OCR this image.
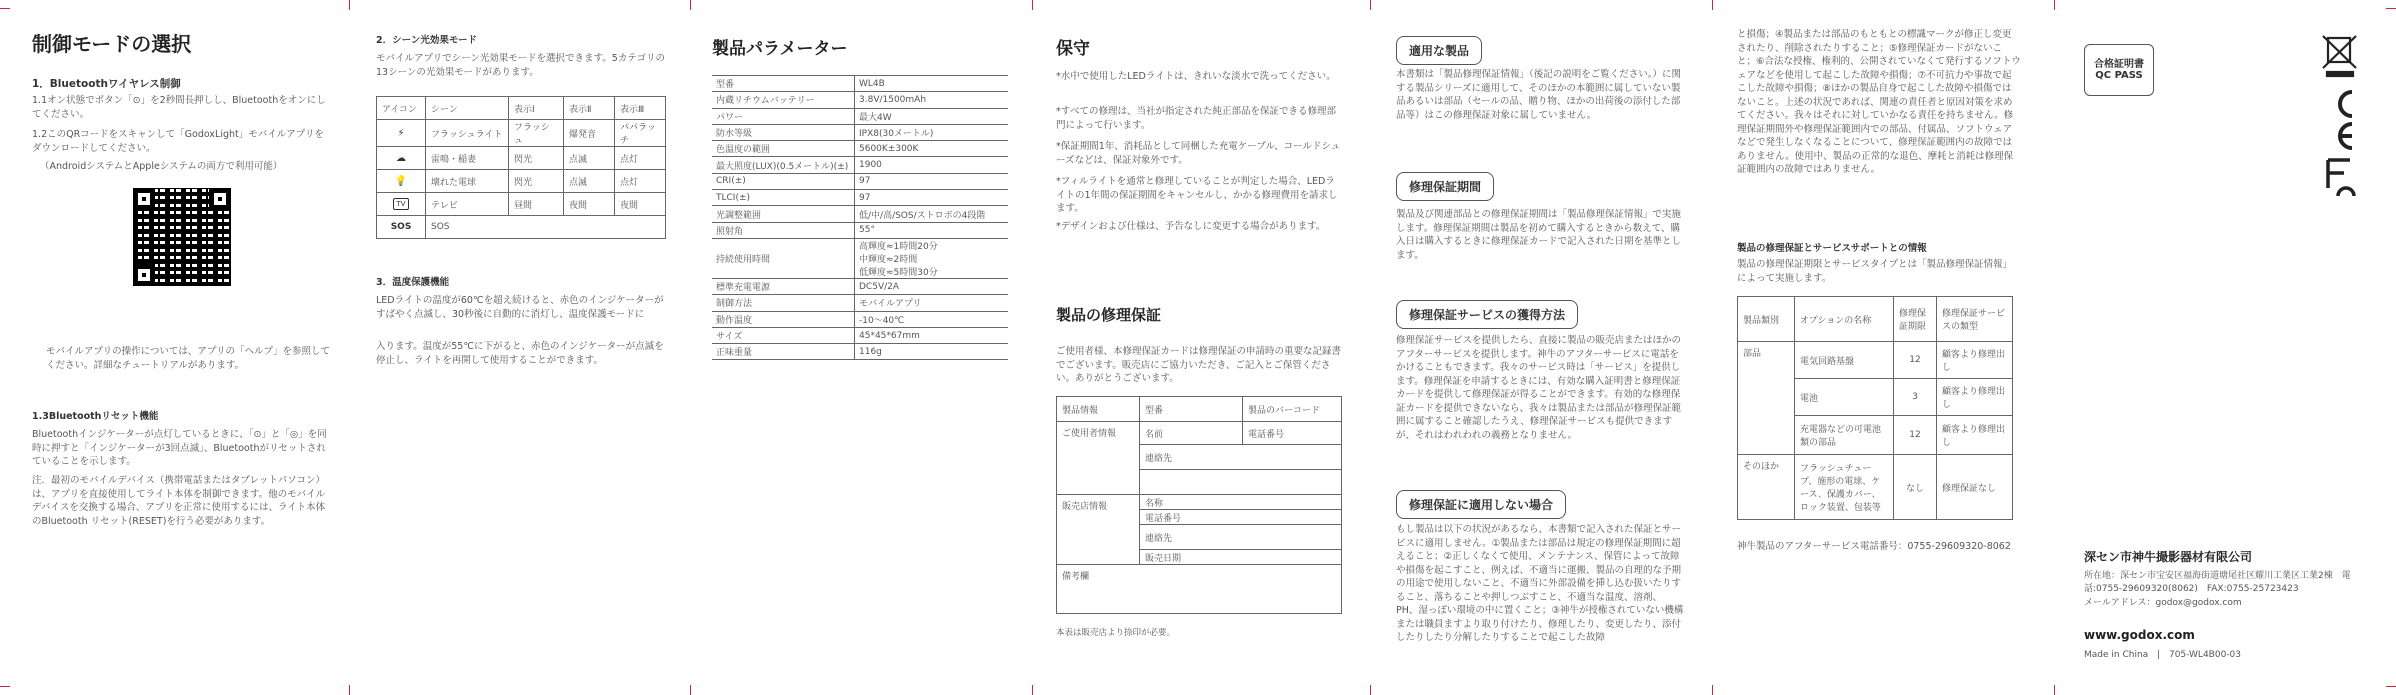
制御モードの選択
1．Bluetoothワイヤレス制御

1.1オン状態でボタン「⊙」を2秒間長押しし、Bluetoothをオンにしてください。

1.2このQRコードをスキャンして「GodoxLight」モバイルアプリをダウンロードしてください。

（AndroidシステムとAppleシステムの両方で利用可能）

モバイルアプリの操作については、アプリの「ヘルプ」を参照してください。詳細なチュートリアルがあります。

1.3Bluetoothリセット機能

Bluetoothインジケーターが点灯しているときに、「⊙」と「◎」を同時に押すと「インジケーターが3回点滅」、Bluetoothがリセットされていることを示します。

注．最初のモバイルデバイス（携帯電話またはタブレットパソコン）は、アプリを直接使用してライト本体を制御できます。他のモバイルデバイスを交換する場合、アプリを正常に使用するには、ライト本体のBluetooth リセット(RESET)を行う必要があります。

2．シーン光効果モード

モバイルアプリでシーン光効果モードを選択できます。5カテゴリの13シーンの光効果モードがあります。

アイコン	シーン	表示Ⅰ	表示Ⅱ	表示Ⅲ
⚡	フラッシュライト	フラッシュ	爆発音	パパラッチ
☁	雷鳴・稲妻	閃光	点滅	点灯
💡	壊れた電球	閃光	点滅	点灯
TV	テレビ	昼間	夜間	夜間
SOS	SOS			
3．温度保護機能

LEDライトの温度が60℃を超え続けると、赤色のインジケーターがすばやく点滅し、30秒後に自動的に消灯し、温度保護モードに

入ります。温度が55℃に下がると、赤色のインジケーターが点滅を停止し、ライトを再開して使用することができます。

製品パラメーター
型番	WL4B
内蔵リチウムバッテリー	3.8V/1500mAh
パワー	最大4W
防水等級	IPX8(30メートル)
色温度の範囲	5600K±300K
最大照度(LUX)(0.5メートル)(±)	1900
CRI(±)	97
TLCI(±)	97
光調整範囲	低/中/高/SOS/ストロボの4段階
照射角	55°
持続使用時間	高輝度≈1時間20分
中輝度≈2時間
低輝度≈5時間30分
標準充電電源	DC5V/2A
制御方法	モバイルアプリ
動作温度	-10～40℃
サイズ	45*45*67mm
正味重量	116g
保守

*水中で使用したLEDライトは、きれいな淡水で洗ってください。

*すべての修理は、当社が指定された純正部品を保証できる修理部門によって行います。

*保証期間1年、消耗品として同梱した充電ケーブル、コールドシューズなどは、保証対象外です。

*フィルライトを通常と修理していることが判定した場合、LEDライトの1年間の保証期間をキャンセルし、かかる修理費用を請求します。

*デザインおよび仕様は、予告なしに変更する場合があります。

製品の修理保証

ご使用者様、本修理保証カードは修理保証の申請時の重要な記録書でございます。販売店にご協力いただき、ご記入とご保管ください。ありがとうございます。

製品情報	型番	製品のバーコード
ご使用者情報	名前	電話番号
	連絡先	

販売店情報	名称	
	電話番号	
	連絡先	
	販売日期	
備考欄		

本表は販売店より捺印が必要。

適用な製品

本書類は「製品修理保証情報」（後記の説明をご覧ください。）に関する製品シリーズに適用して、そのほかの本範囲に属していない製品あるいは部品（セールの品、贈り物、ほかの出荷後の添付した部品等）はこの修理保証対象に属していません。

修理保証期間

製品及び関連部品との修理保証期間は「製品修理保証情報」で実施します。修理保証期間は製品を初めて購入するときから数えて、購入日は購入するときに修理保証カードで記入された日期を基準とします。

修理保証サービスの獲得方法

修理保証サービスを提供したら、直接に製品の販売店またはほかのアフターサービスを提供します。神牛のアフターサービスに電話をかけることもできます。我々のサービス時は「サービス」を提供します。修理保証を申請するときには、有効な購入証明書と修理保証カードを提供して修理保証が得ることができます。有効的な修理保証カードを提供できないなら、我々は製品または部品が修理保証範囲に属すること確認したうえ、修理保証サービスも提供できますが、それはわれわれの義務となりません。

修理保証に適用しない場合

もし製品は以下の状況があるなら、本書類で記入された保証とサービスに適用しません。①製品または部品は規定の修理保証期間に超えること；②正しくなくて使用、メンテナンス、保管によって故障や損傷を起こすこと、例えば、不適当に運搬、製品の自理的な予期の用途で使用しないこと、不適当に外部設備を挿し込む扱いたりすること、落ちることや押しつぶすこと、不適当な温度、溶剤、PH、湿っぽい環境の中に置くこと；③神牛が授権されていない機構または職員ますより取り付けたり、修理したり、変更したり、添付したりしたり分解したりすることで起こした故障

と損傷；④製品または部品のもともとの標識マークが修正し変更されたり、削除されたりすること；⑤修理保証カードがないこと；⑥合法な授権、権利的、公開されていなくて発行するソフトウェアなどを使用して起こした故障や損傷；⑦不可抗力や事故で起こした故障や損傷；⑧ほかの製品自身で起こした故障や損傷ではないこと。上述の状況であれば、関連の責任者と原因対策を求めてください。我々はそれに対していかなる責任を持ちません。修理保証期間外や修理保証範囲内での部品、付属品、ソフトウェアなどで発生しなくなることについて、修理保証範囲内の故障ではありません。使用中、製品の正常的な退色、摩耗と消耗は修理保証範囲内の故障ではありません。

製品の修理保証とサービスサポートとの情報

製品の修理保証期限とサービスタイプとは「製品修理保証情報」によって実施します。

製品類別	オプションの名称	修理保証期限	修理保証サービスの類型
部品	電気回路基盤	12	顧客より修理出し
	電池	3	顧客より修理出し
	充電器などの可電池類の部品	12	顧客より修理出し
そのほか	フラッシュチューブ、施形の電球、ケース、保護カバー、ロック装置、包装等	なし	修理保証なし

神牛製品のアフターサービス電話番号：0755-29609320-8062

合格証明書
QC PASS
深セン市神牛撮影器材有限公司

所在地：深セン市宝安区福海街道塘尾社区耀川工業区工業2棟　電話:0755-29609320(8062)　FAX:0755-25723423

メールアドレス：godox@godox.com

www.godox.com
Made in China | 705-WL4B00-03
